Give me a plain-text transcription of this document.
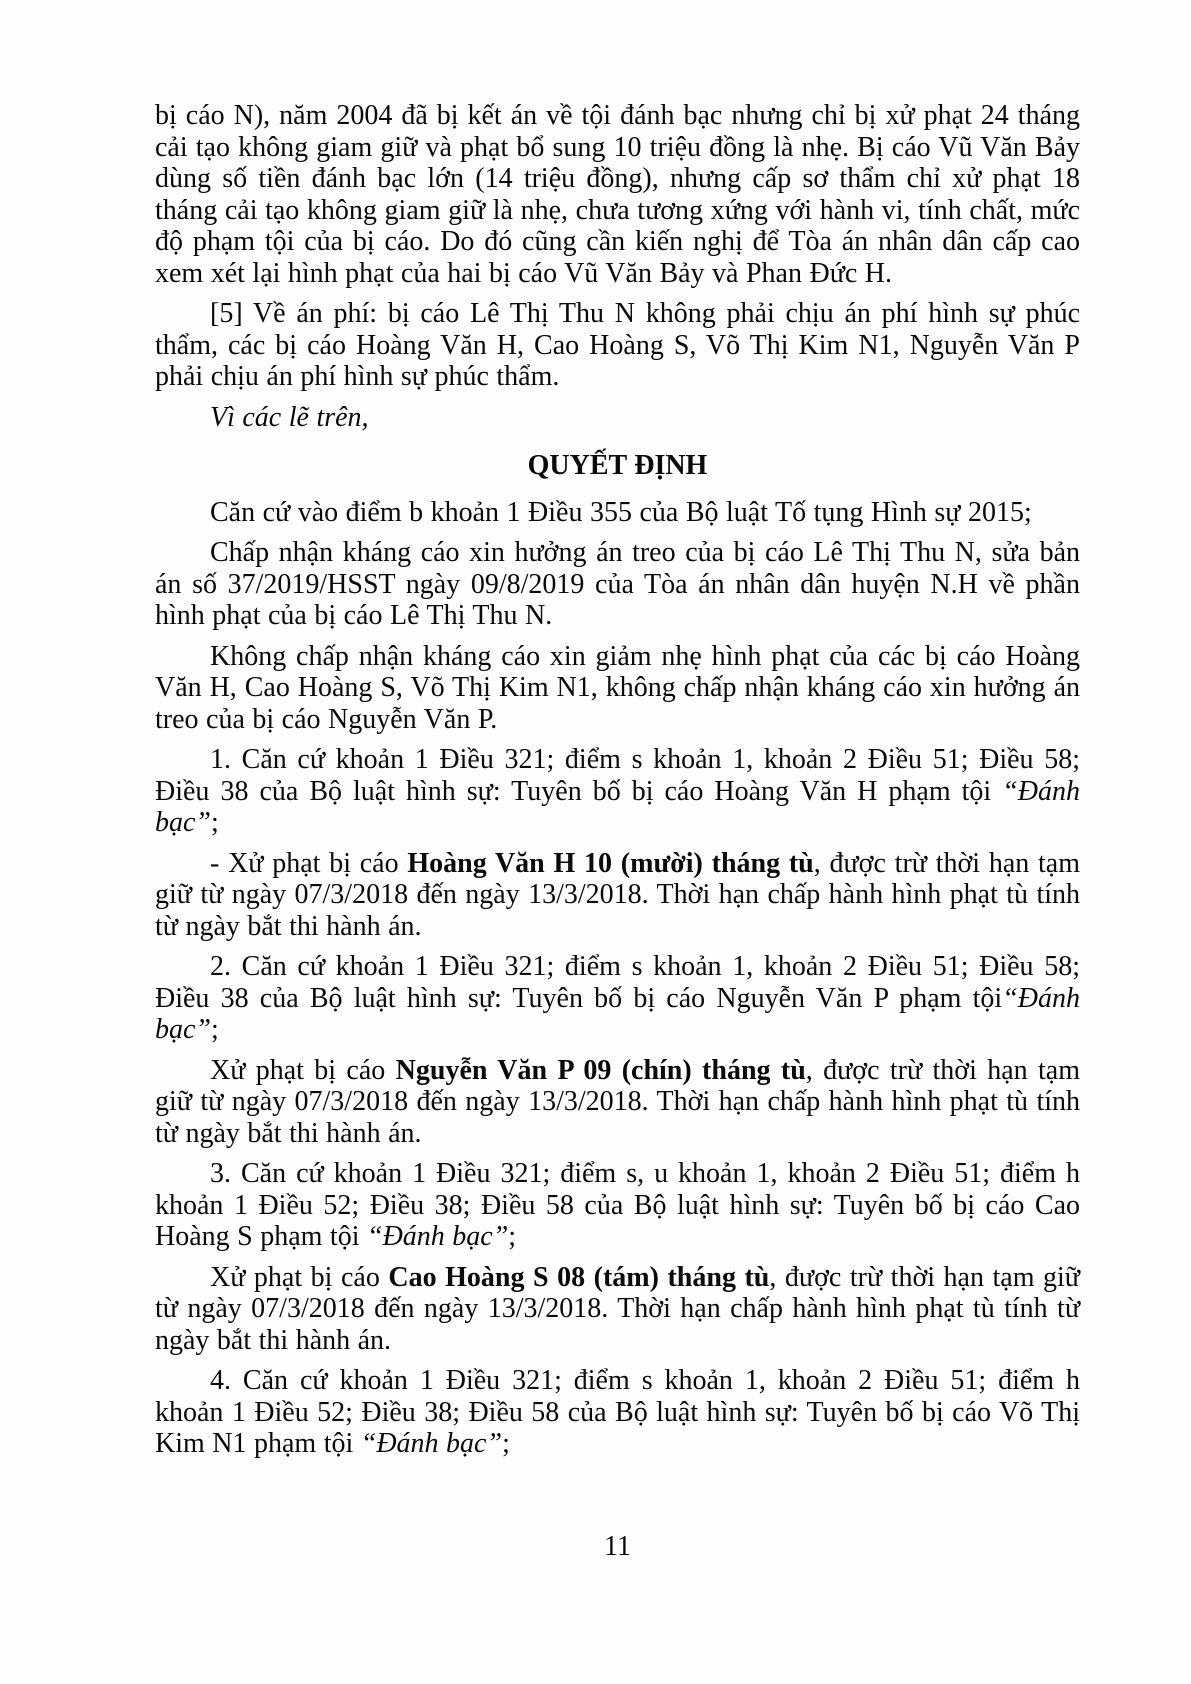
bị cáo N), năm 2004 đã bị kết án về tội đánh bạc nhưng chỉ bị xử phạt 24 tháng cải tạo không giam giữ và phạt bổ sung 10 triệu đồng là nhẹ. Bị cáo Vũ Văn Bảy dùng số tiền đánh bạc lớn (14 triệu đồng), nhưng cấp sơ thẩm chỉ xử phạt 18 tháng cải tạo không giam giữ là nhẹ, chưa tương xứng với hành vi, tính chất, mức độ phạm tội của bị cáo. Do đó cũng cần kiến nghị để Tòa án nhân dân cấp cao xem xét lại hình phạt của hai bị cáo Vũ Văn Bảy và Phan Đức H.

[5] Về án phí: bị cáo Lê Thị Thu N không phải chịu án phí hình sự phúc thẩm, các bị cáo Hoàng Văn H, Cao Hoàng S, Võ Thị Kim N1, Nguyễn Văn P phải chịu án phí hình sự phúc thẩm.

Vì các lẽ trên,

QUYẾT ĐỊNH

Căn cứ vào điểm b khoản 1 Điều 355 của Bộ luật Tố tụng Hình sự 2015;

Chấp nhận kháng cáo xin hưởng án treo của bị cáo Lê Thị Thu N, sửa bản án số 37/2019/HSST ngày 09/8/2019 của Tòa án nhân dân huyện N.H về phần hình phạt của bị cáo Lê Thị Thu N.

Không chấp nhận kháng cáo xin giảm nhẹ hình phạt của các bị cáo Hoàng Văn H, Cao Hoàng S, Võ Thị Kim N1, không chấp nhận kháng cáo xin hưởng án treo của bị cáo Nguyễn Văn P.

1. Căn cứ khoản 1 Điều 321; điểm s khoản 1, khoản 2 Điều 51; Điều 58; Điều 38 của Bộ luật hình sự: Tuyên bố bị cáo Hoàng Văn H phạm tội “Đánh bạc”;

- Xử phạt bị cáo Hoàng Văn H 10 (mười) tháng tù, được trừ thời hạn tạm giữ từ ngày 07/3/2018 đến ngày 13/3/2018. Thời hạn chấp hành hình phạt tù tính từ ngày bắt thi hành án.

2. Căn cứ khoản 1 Điều 321; điểm s khoản 1, khoản 2 Điều 51; Điều 58; Điều 38 của Bộ luật hình sự: Tuyên bố bị cáo Nguyễn Văn P phạm tội“Đánh bạc”;

Xử phạt bị cáo Nguyễn Văn P 09 (chín) tháng tù, được trừ thời hạn tạm giữ từ ngày 07/3/2018 đến ngày 13/3/2018. Thời hạn chấp hành hình phạt tù tính từ ngày bắt thi hành án.

3. Căn cứ khoản 1 Điều 321; điểm s, u khoản 1, khoản 2 Điều 51; điểm h khoản 1 Điều 52; Điều 38; Điều 58 của Bộ luật hình sự: Tuyên bố bị cáo Cao Hoàng S phạm tội “Đánh bạc”;

Xử phạt bị cáo Cao Hoàng S 08 (tám) tháng tù, được trừ thời hạn tạm giữ từ ngày 07/3/2018 đến ngày 13/3/2018. Thời hạn chấp hành hình phạt tù tính từ ngày bắt thi hành án.

4. Căn cứ khoản 1 Điều 321; điểm s khoản 1, khoản 2 Điều 51; điểm h khoản 1 Điều 52; Điều 38; Điều 58 của Bộ luật hình sự: Tuyên bố bị cáo Võ Thị Kim N1 phạm tội “Đánh bạc”;

11
